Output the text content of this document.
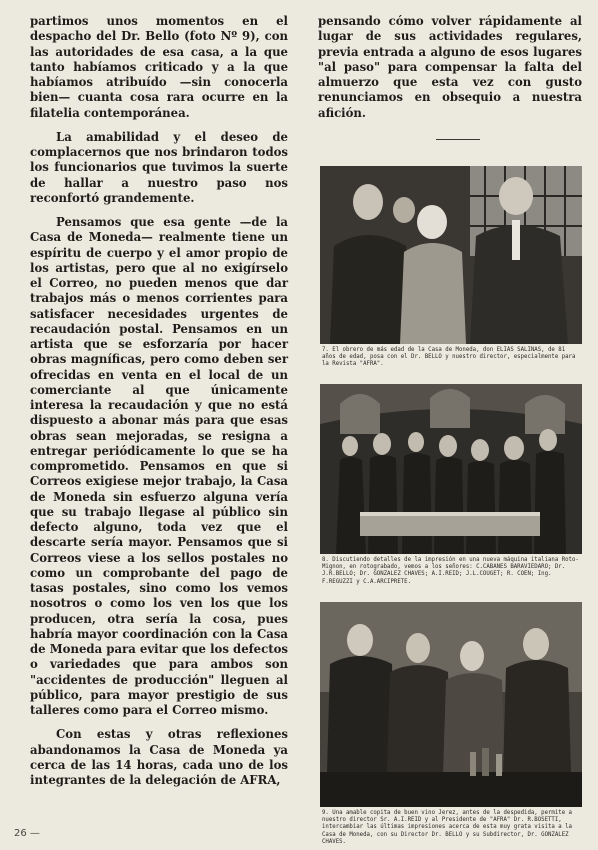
partimos unos momentos en el despacho del Dr. Bello (foto Nº 9), con las autoridades de esa casa, a la que tanto habíamos criticado y a la que habíamos atribuído —sin conocerla bien— cuanta cosa rara ocurre en la filatelia contemporánea.

La amabilidad y el deseo de complacernos que nos brindaron todos los funcionarios que tuvimos la suerte de hallar a nuestro paso nos reconfortó grandemente.

Pensamos que esa gente —de la Casa de Moneda— realmente tiene un espíritu de cuerpo y el amor propio de los artistas, pero que al no exigírselo el Correo, no pueden menos que dar trabajos más o menos corrientes para satisfacer necesidades urgentes de recaudación postal. Pensamos en un artista que se esforzaría por hacer obras magníficas, pero como deben ser ofrecidas en venta en el local de un comerciante al que únicamente interesa la recaudación y que no está dispuesto a abonar más para que esas obras sean mejoradas, se resigna a entregar periódicamente lo que se ha comprometido. Pensamos en que si Correos exigiese mejor trabajo, la Casa de Moneda sin esfuerzo alguna vería que su trabajo llegase al público sin defecto alguno, toda vez que el descarte sería mayor. Pensamos que si Correos viese a los sellos postales no como un comprobante del pago de tasas postales, sino como los vemos nosotros o como los ven los que los producen, otra sería la cosa, pues habría mayor coordinación con la Casa de Moneda para evitar que los defectos o variedades que para ambos son "accidentes de producción" lleguen al público, para mayor prestigio de sus talleres como para el Correo mismo.

Con estas y otras reflexiones abandonamos la Casa de Moneda ya cerca de las 14 horas, cada uno de los integrantes de la delegación de AFRA,

pensando cómo volver rápidamente al lugar de sus actividades regulares, previa entrada a alguno de esos lugares "al paso" para compensar la falta del almuerzo que esta vez con gusto renunciamos en obsequio a nuestra afición.

7. El obrero de más edad de la Casa de Moneda, don ELIAS SALINAS, de 81 años de edad, posa con el Dr. BELLO y nuestro director, especialmente para la Revista "AFRA".
8. Discutiendo detalles de la impresión en una nueva máquina italiana Roto-Mignon, en rotograbado, vemos a los señores: C.CABANES BARAVIEDARO; Dr. J.R.BELLO; Dr. GONZALEZ CHAVES; A.I.REID; J.L.COUGET; R. COEN; Ing. F.REGUZZI y C.A.ARCIPRETE.
9. Una amable copita de buen vino Jerez, antes de la despedida, permite a nuestro director Sr. A.I.REID y al Presidente de "AFRA" Dr. R.BOSETTI, intercambiar las últimas impresiones acerca de esta muy grata visita a la Casa de Moneda, con su Director Dr. BELLO y su Subdirector, Dr. GONZALEZ CHAVES.
26 —
